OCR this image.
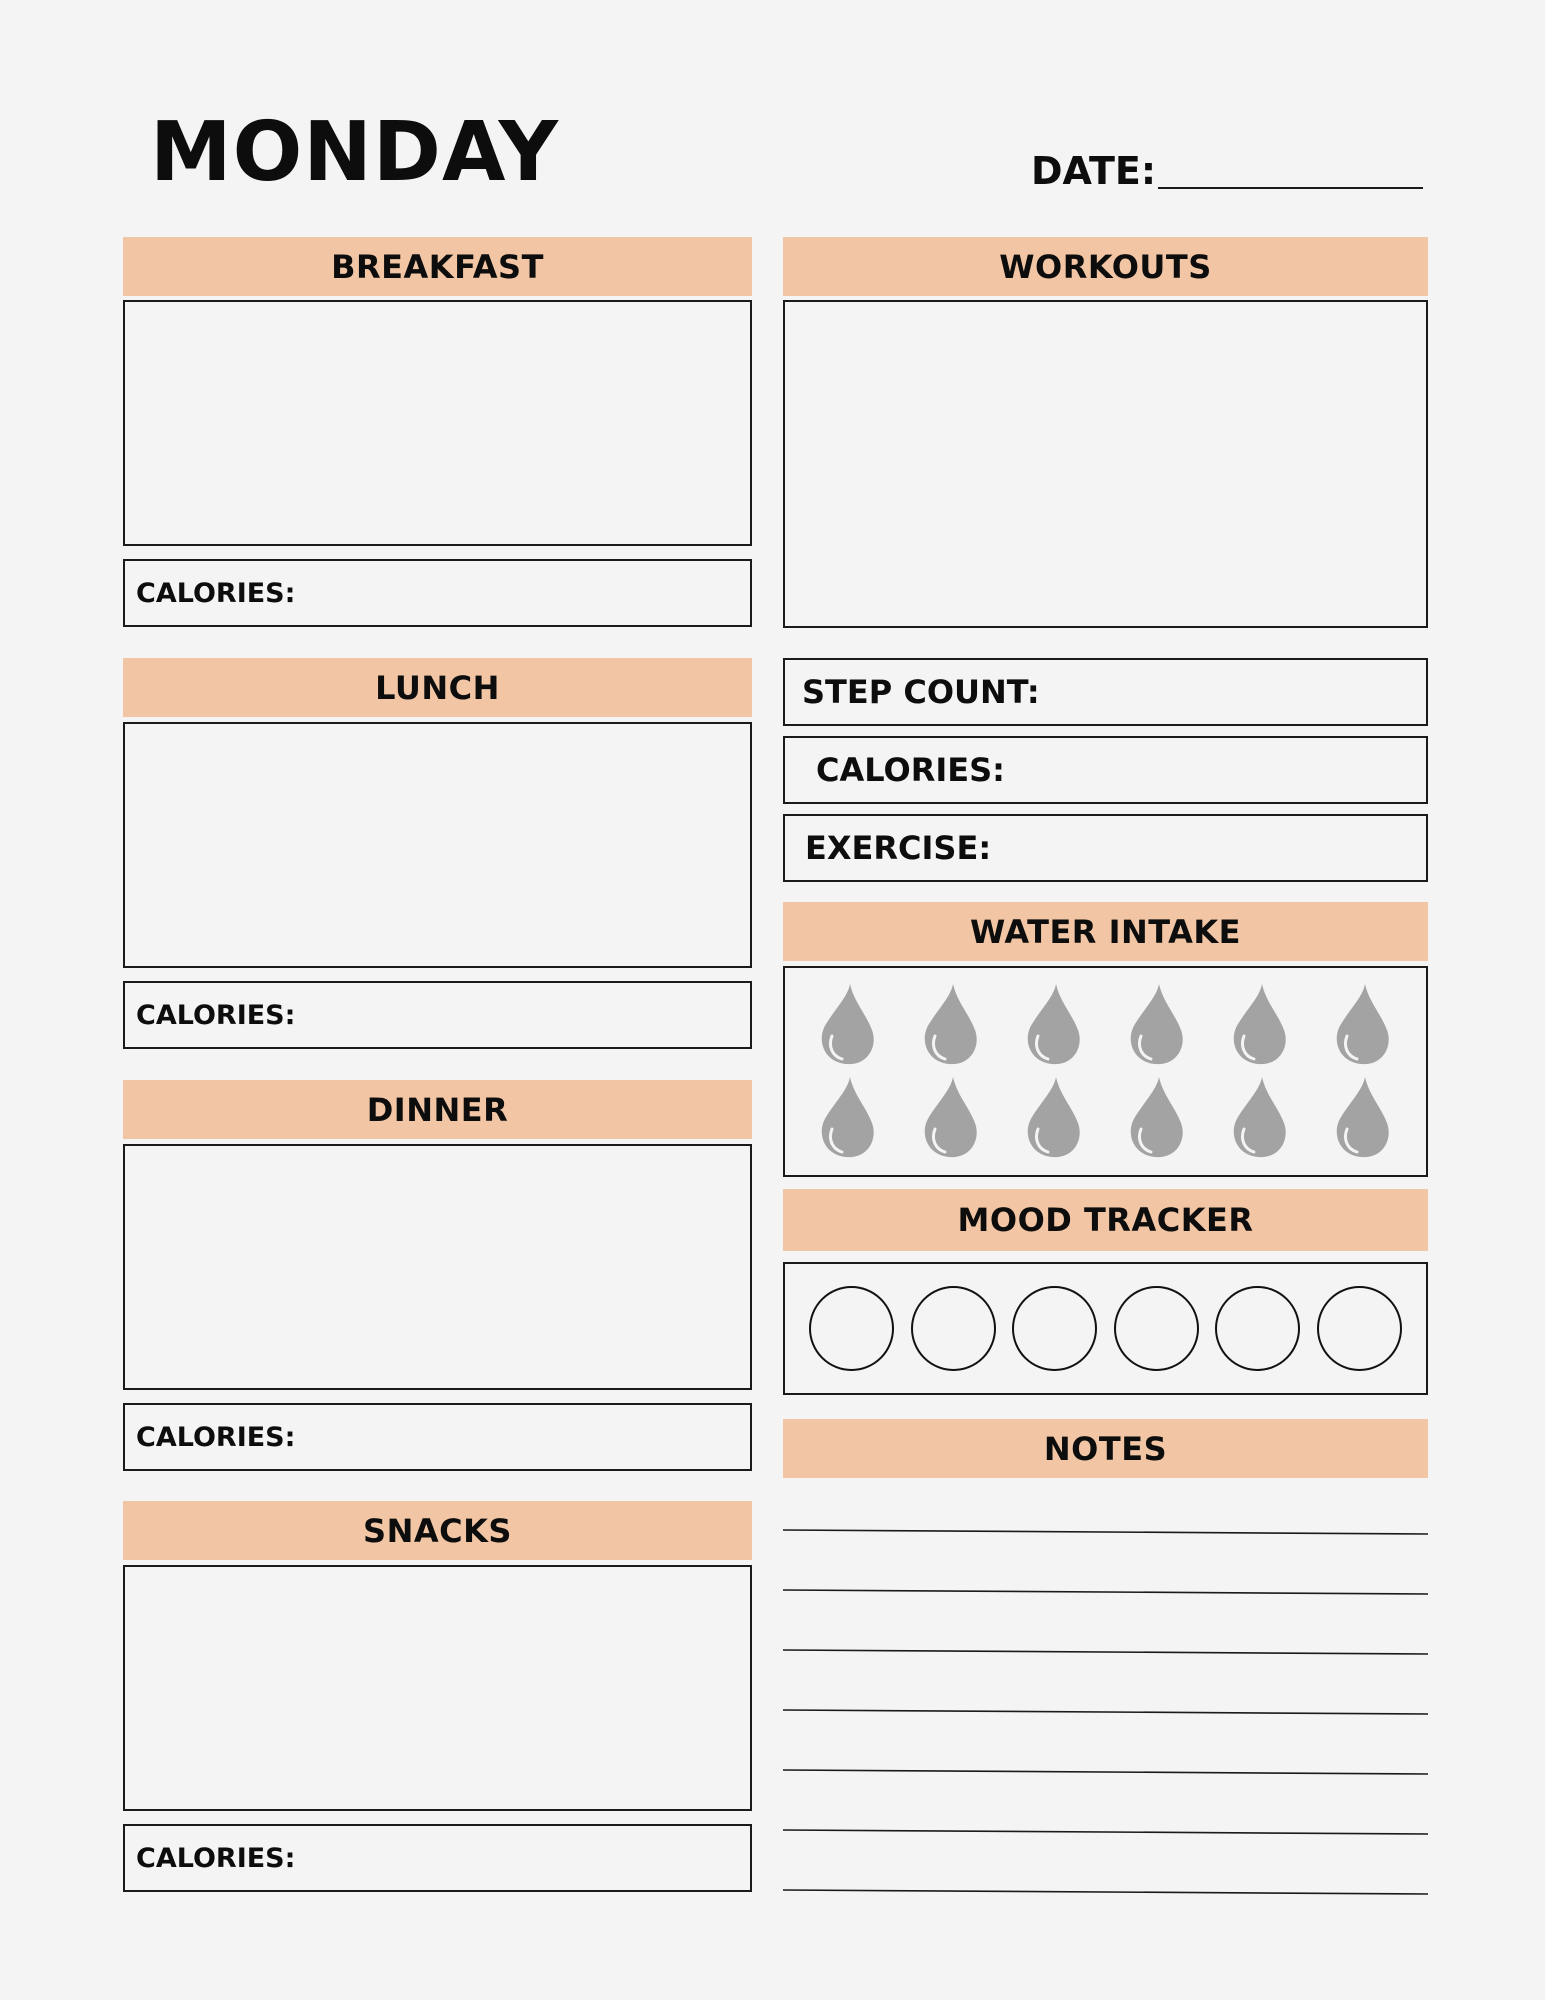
MONDAY	DATE:
BREAKFAST
CALORIES:
LUNCH
CALORIES:
DINNER
CALORIES:
SNACKS
CALORIES:
WORKOUTS
STEP COUNT:
CALORIES:
EXERCISE:
WATER INTAKE
MOOD TRACKER
NOTES
